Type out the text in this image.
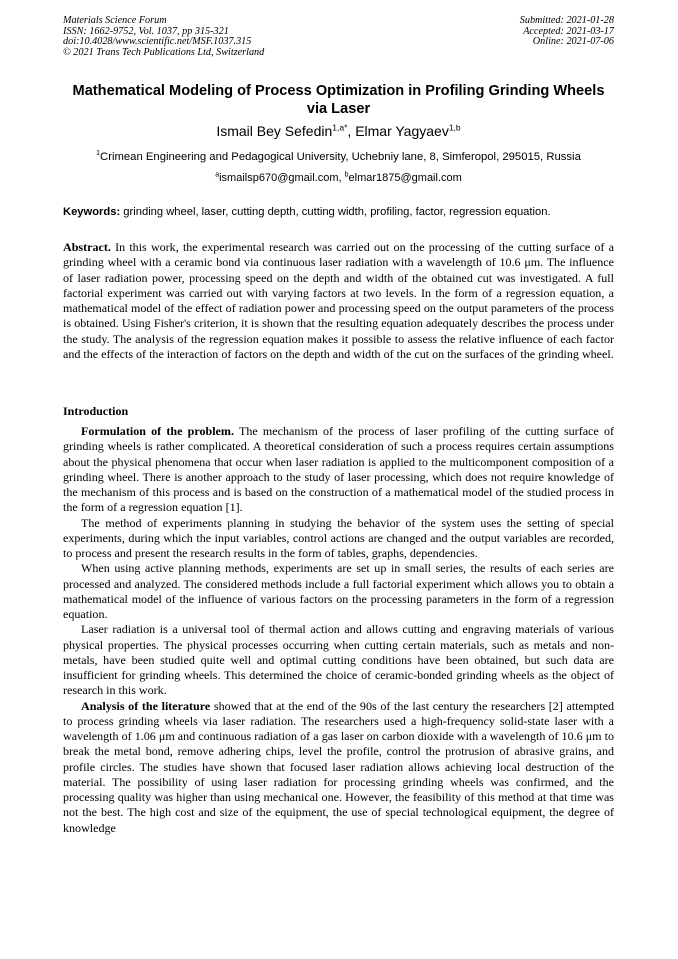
Materials Science Forum
ISSN: 1662-9752, Vol. 1037, pp 315-321
doi:10.4028/www.scientific.net/MSF.1037.315
© 2021 Trans Tech Publications Ltd, Switzerland
Submitted: 2021-01-28
Accepted: 2021-03-17
Online: 2021-07-06
Mathematical Modeling of Process Optimization in Profiling Grinding Wheels via Laser
Ismail Bey Sefedin$^{1,a*}$, Elmar Yagyaev$^{1,b}$
$^1$Crimean Engineering and Pedagogical University, Uchebniy lane, 8, Simferopol, 295015, Russia
$^a$ismailsp670@gmail.com, $^b$elmar1875@gmail.com
Keywords: grinding wheel, laser, cutting depth, cutting width, profiling, factor, regression equation.

Abstract. In this work, the experimental research was carried out on the processing of the cutting surface of a grinding wheel with a ceramic bond via continuous laser radiation with a wavelength of 10.6 μm. The influence of laser radiation power, processing speed on the depth and width of the obtained cut was investigated. A full factorial experiment was carried out with varying factors at two levels. In the form of a regression equation, a mathematical model of the effect of radiation power and processing speed on the output parameters of the process is obtained. Using Fisher's criterion, it is shown that the resulting equation adequately describes the process under the study. The analysis of the regression equation makes it possible to assess the relative influence of each factor and the effects of the interaction of factors on the depth and width of the cut on the surfaces of the grinding wheel.

Introduction

Formulation of the problem. The mechanism of the process of laser profiling of the cutting surface of grinding wheels is rather complicated. A theoretical consideration of such a process requires certain assumptions about the physical phenomena that occur when laser radiation is applied to the multicomponent composition of a grinding wheel. There is another approach to the study of laser processing, which does not require knowledge of the mechanism of this process and is based on the construction of a mathematical model of the studied process in the form of a regression equation [1].

The method of experiments planning in studying the behavior of the system uses the setting of special experiments, during which the input variables, control actions are changed and the output variables are recorded, to process and present the research results in the form of tables, graphs, dependencies.

When using active planning methods, experiments are set up in small series, the results of each series are processed and analyzed. The considered methods include a full factorial experiment which allows you to obtain a mathematical model of the influence of various factors on the processing parameters in the form of a regression equation.

Laser radiation is a universal tool of thermal action and allows cutting and engraving materials of various physical properties. The physical processes occurring when cutting certain materials, such as metals and non-metals, have been studied quite well and optimal cutting conditions have been obtained, but such data are insufficient for grinding wheels. This determined the choice of ceramic-bonded grinding wheels as the object of research in this work.

Analysis of the literature showed that at the end of the 90s of the last century the researchers [2] attempted to process grinding wheels via laser radiation. The researchers used a high-frequency solid-state laser with a wavelength of 1.06 μm and continuous radiation of a gas laser on carbon dioxide with a wavelength of 10.6 μm to break the metal bond, remove adhering chips, level the profile, control the protrusion of abrasive grains, and profile circles. The studies have shown that focused laser radiation allows achieving local destruction of the material. The possibility of using laser radiation for processing grinding wheels was confirmed, and the processing quality was higher than using mechanical one. However, the feasibility of this method at that time was not the best. The high cost and size of the equipment, the use of special technological equipment, the degree of knowledge
